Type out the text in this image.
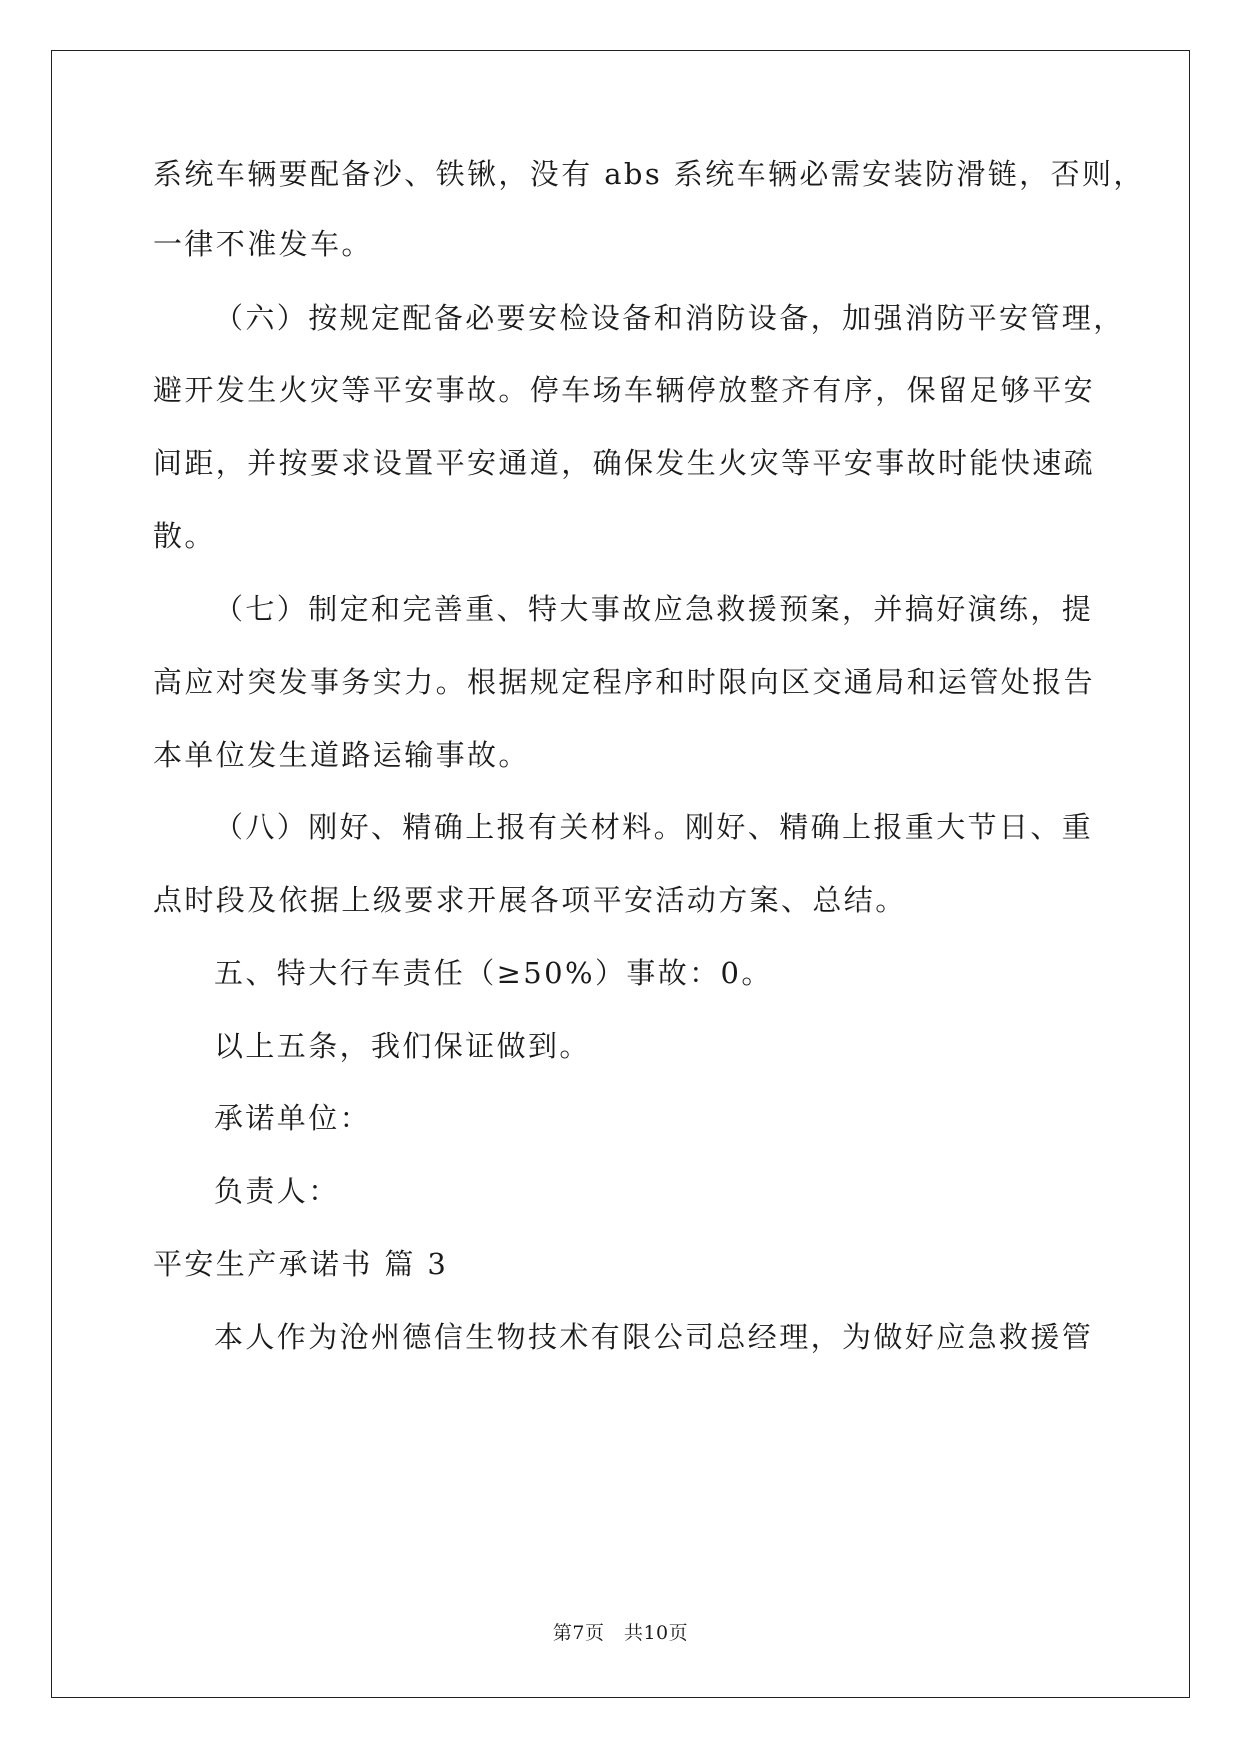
系统车辆要配备沙、铁锹，没有 abs 系统车辆必需安装防滑链，否则，
一律不准发车。
（六）按规定配备必要安检设备和消防设备，加强消防平安管理，
避开发生火灾等平安事故。停车场车辆停放整齐有序，保留足够平安
间距，并按要求设置平安通道，确保发生火灾等平安事故时能快速疏
散。
（七）制定和完善重、特大事故应急救援预案，并搞好演练，提
高应对突发事务实力。根据规定程序和时限向区交通局和运管处报告
本单位发生道路运输事故。
（八）刚好、精确上报有关材料。刚好、精确上报重大节日、重
点时段及依据上级要求开展各项平安活动方案、总结。
五、特大行车责任（≥50%）事故：0。
以上五条，我们保证做到。
承诺单位：
负责人：
平安生产承诺书 篇 3
本人作为沧州德信生物技术有限公司总经理，为做好应急救援管
第7页　共10页
